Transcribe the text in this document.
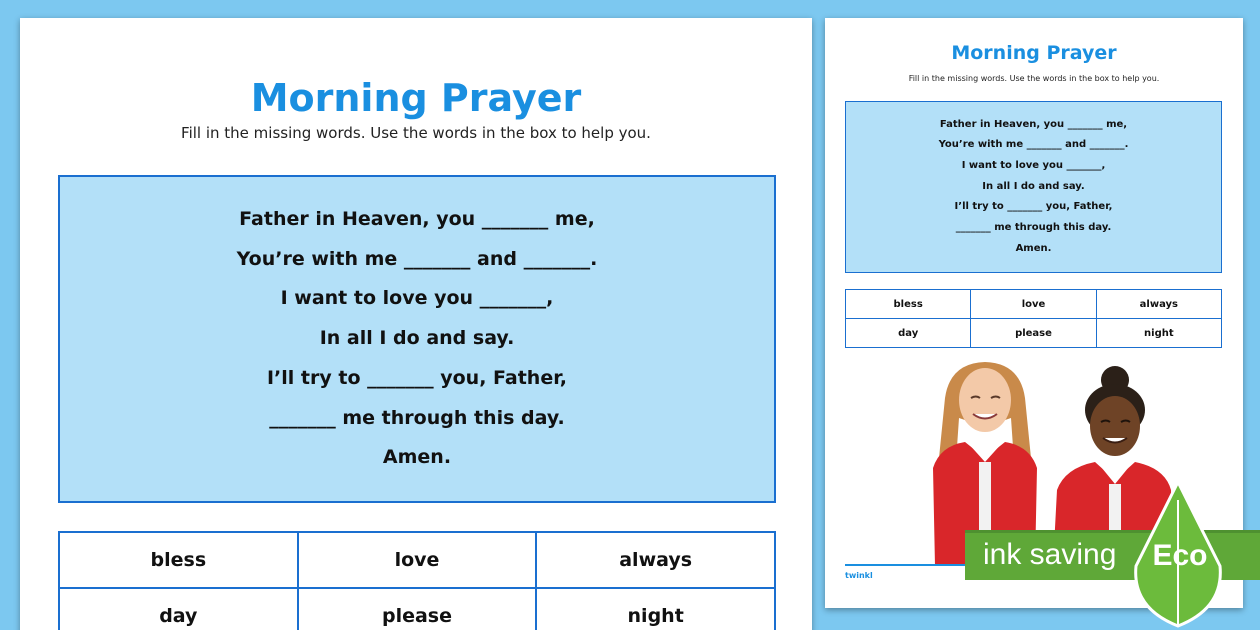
Morning Prayer
Fill in the missing words. Use the words in the box to help you.
Father in Heaven, you _______ me,
You’re with me _______ and _______.
I want to love you _______,
In all I do and say.
I’ll try to _______ you, Father,
_______ me through this day.
Amen.
bless	love	always
day	please	night
Morning Prayer
Fill in the missing words. Use the words in the box to help you.
Father in Heaven, you _______ me,
You’re with me _______ and _______.
I want to love you _______,
In all I do and say.
I’ll try to _______ you, Father,
_______ me through this day.
Amen.
bless	love	always
day	please	night
twinkl
ink saving	Eco
